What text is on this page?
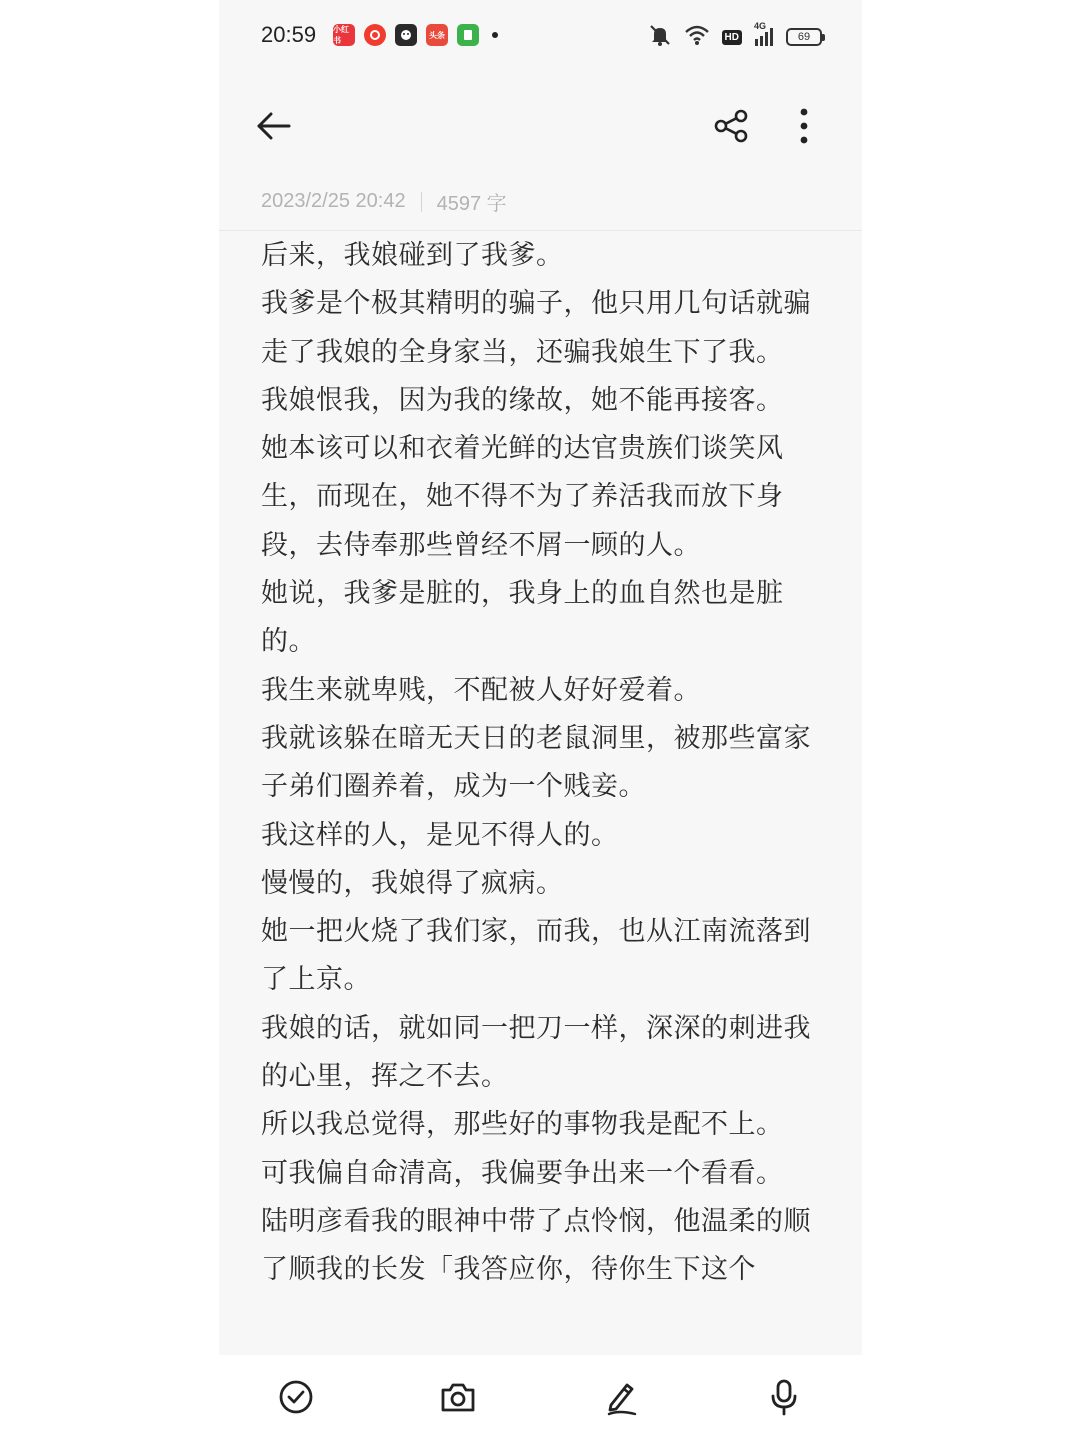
20:59 小红书
头条	HD
4G
69
2023/2/25 20:42 4597 字

后来，我娘碰到了我爹。

我爹是个极其精明的骗子，他只用几句话就骗走了我娘的全身家当，还骗我娘生下了我。

我娘恨我，因为我的缘故，她不能再接客。

她本该可以和衣着光鲜的达官贵族们谈笑风生，而现在，她不得不为了养活我而放下身段，去侍奉那些曾经不屑一顾的人。

她说，我爹是脏的，我身上的血自然也是脏的。

我生来就卑贱，不配被人好好爱着。

我就该躲在暗无天日的老鼠洞里，被那些富家子弟们圈养着，成为一个贱妾。

我这样的人，是见不得人的。

慢慢的，我娘得了疯病。

她一把火烧了我们家，而我，也从江南流落到了上京。

我娘的话，就如同一把刀一样，深深的刺进我的心里，挥之不去。

所以我总觉得，那些好的事物我是配不上。

可我偏自命清高，我偏要争出来一个看看。

陆明彦看我的眼神中带了点怜悯，他温柔的顺了顺我的长发「我答应你，待你生下这个
